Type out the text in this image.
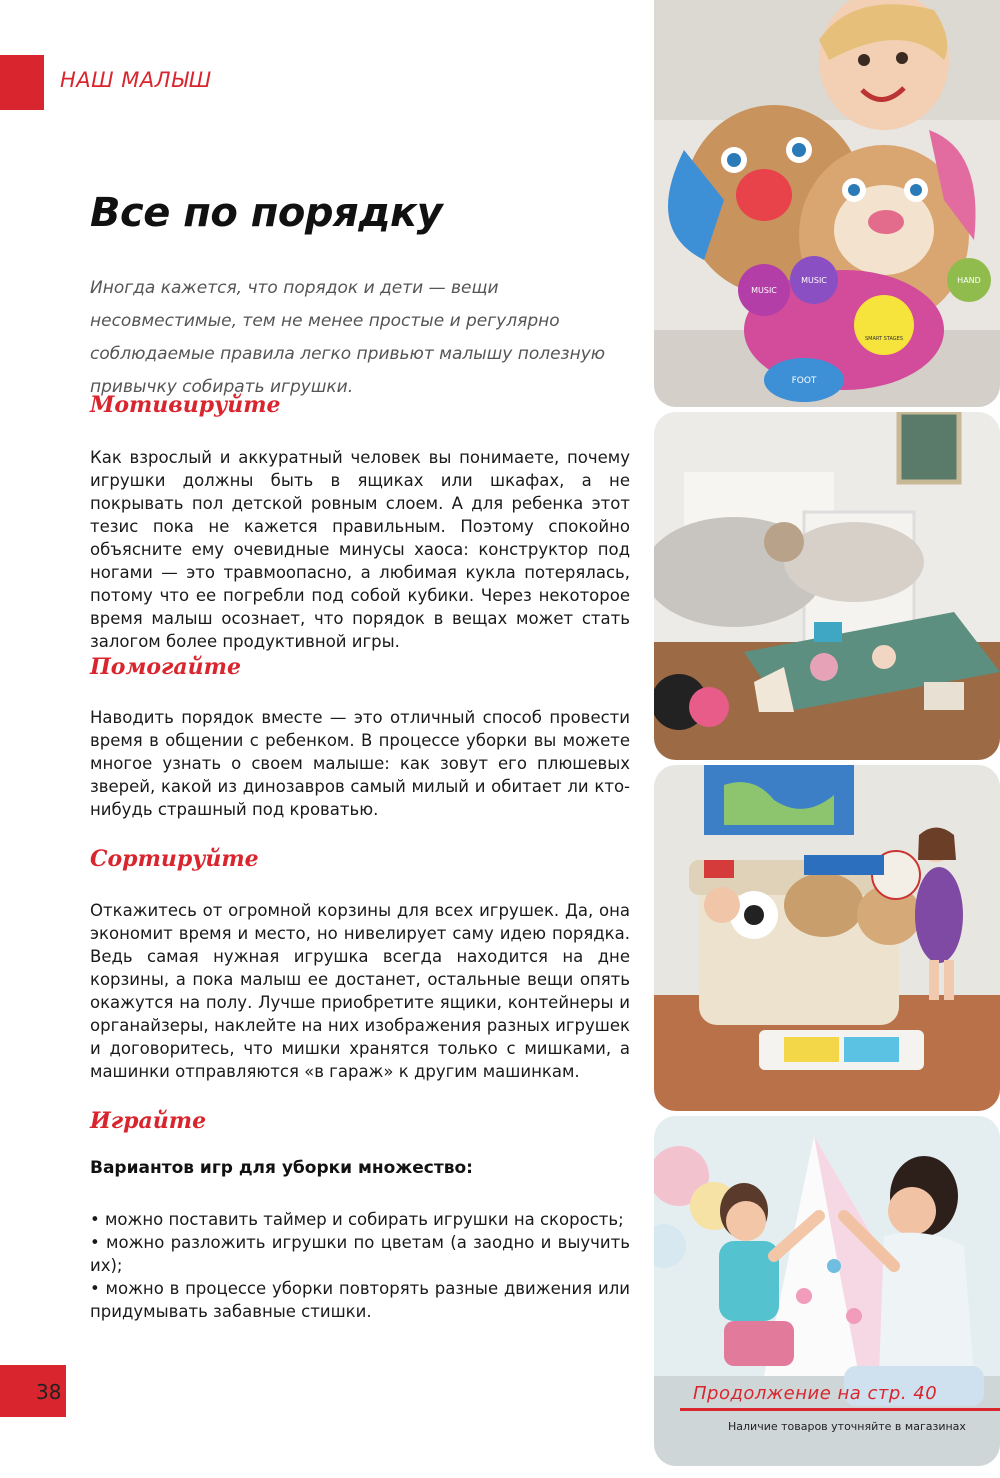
НАШ МАЛЫШ
Все по порядку

Иногда кажется, что порядок и дети — вещи несовместимые, тем не менее простые и регулярно соблюдаемые правила легко привьют малышу полезную привычку собирать игрушки.

Мотивируйте

Как взрослый и аккуратный человек вы понимаете, почему игрушки должны быть в ящиках или шкафах, а не покрывать пол детской ровным слоем. А для ребенка этот тезис пока не кажется правильным. Поэтому спокойно объясните ему очевидные минусы хаоса: конструктор под ногами — это травмоопасно, а любимая кукла потерялась, потому что ее погребли под собой кубики. Через некоторое время малыш осознает, что порядок в вещах может стать залогом более продуктивной игры.

Помогайте

Наводить порядок вместе — это отличный способ провести время в общении с ребенком. В процессе уборки вы можете многое узнать о своем малыше: как зовут его плюшевых зверей, какой из динозавров самый милый и обитает ли кто-нибудь страшный под кроватью.

Сортируйте

Откажитесь от огромной корзины для всех игрушек. Да, она экономит время и место, но нивелирует саму идею порядка. Ведь самая нужная игрушка всегда находится на дне корзины, а пока малыш ее достанет, остальные вещи опять окажутся на полу. Лучше приобретите ящики, контейнеры и органайзеры, наклейте на них изображения разных игрушек и договоритесь, что мишки хранятся только с мишками, а машинки отправляются «в гараж» к другим машинкам.

Играйте

Вариантов игр для уборки множество:

• можно поставить таймер и собирать игрушки на скорость;
• можно разложить игрушки по цветам (а заодно и выучить их);
• можно в процессе уборки повторять разные движения или придумывать забавные стишки.
MUSIC
MUSIC	HAND
FOOT
SMART STAGES
38	Продолжение на стр. 40
Наличие товаров уточняйте в магазинах
